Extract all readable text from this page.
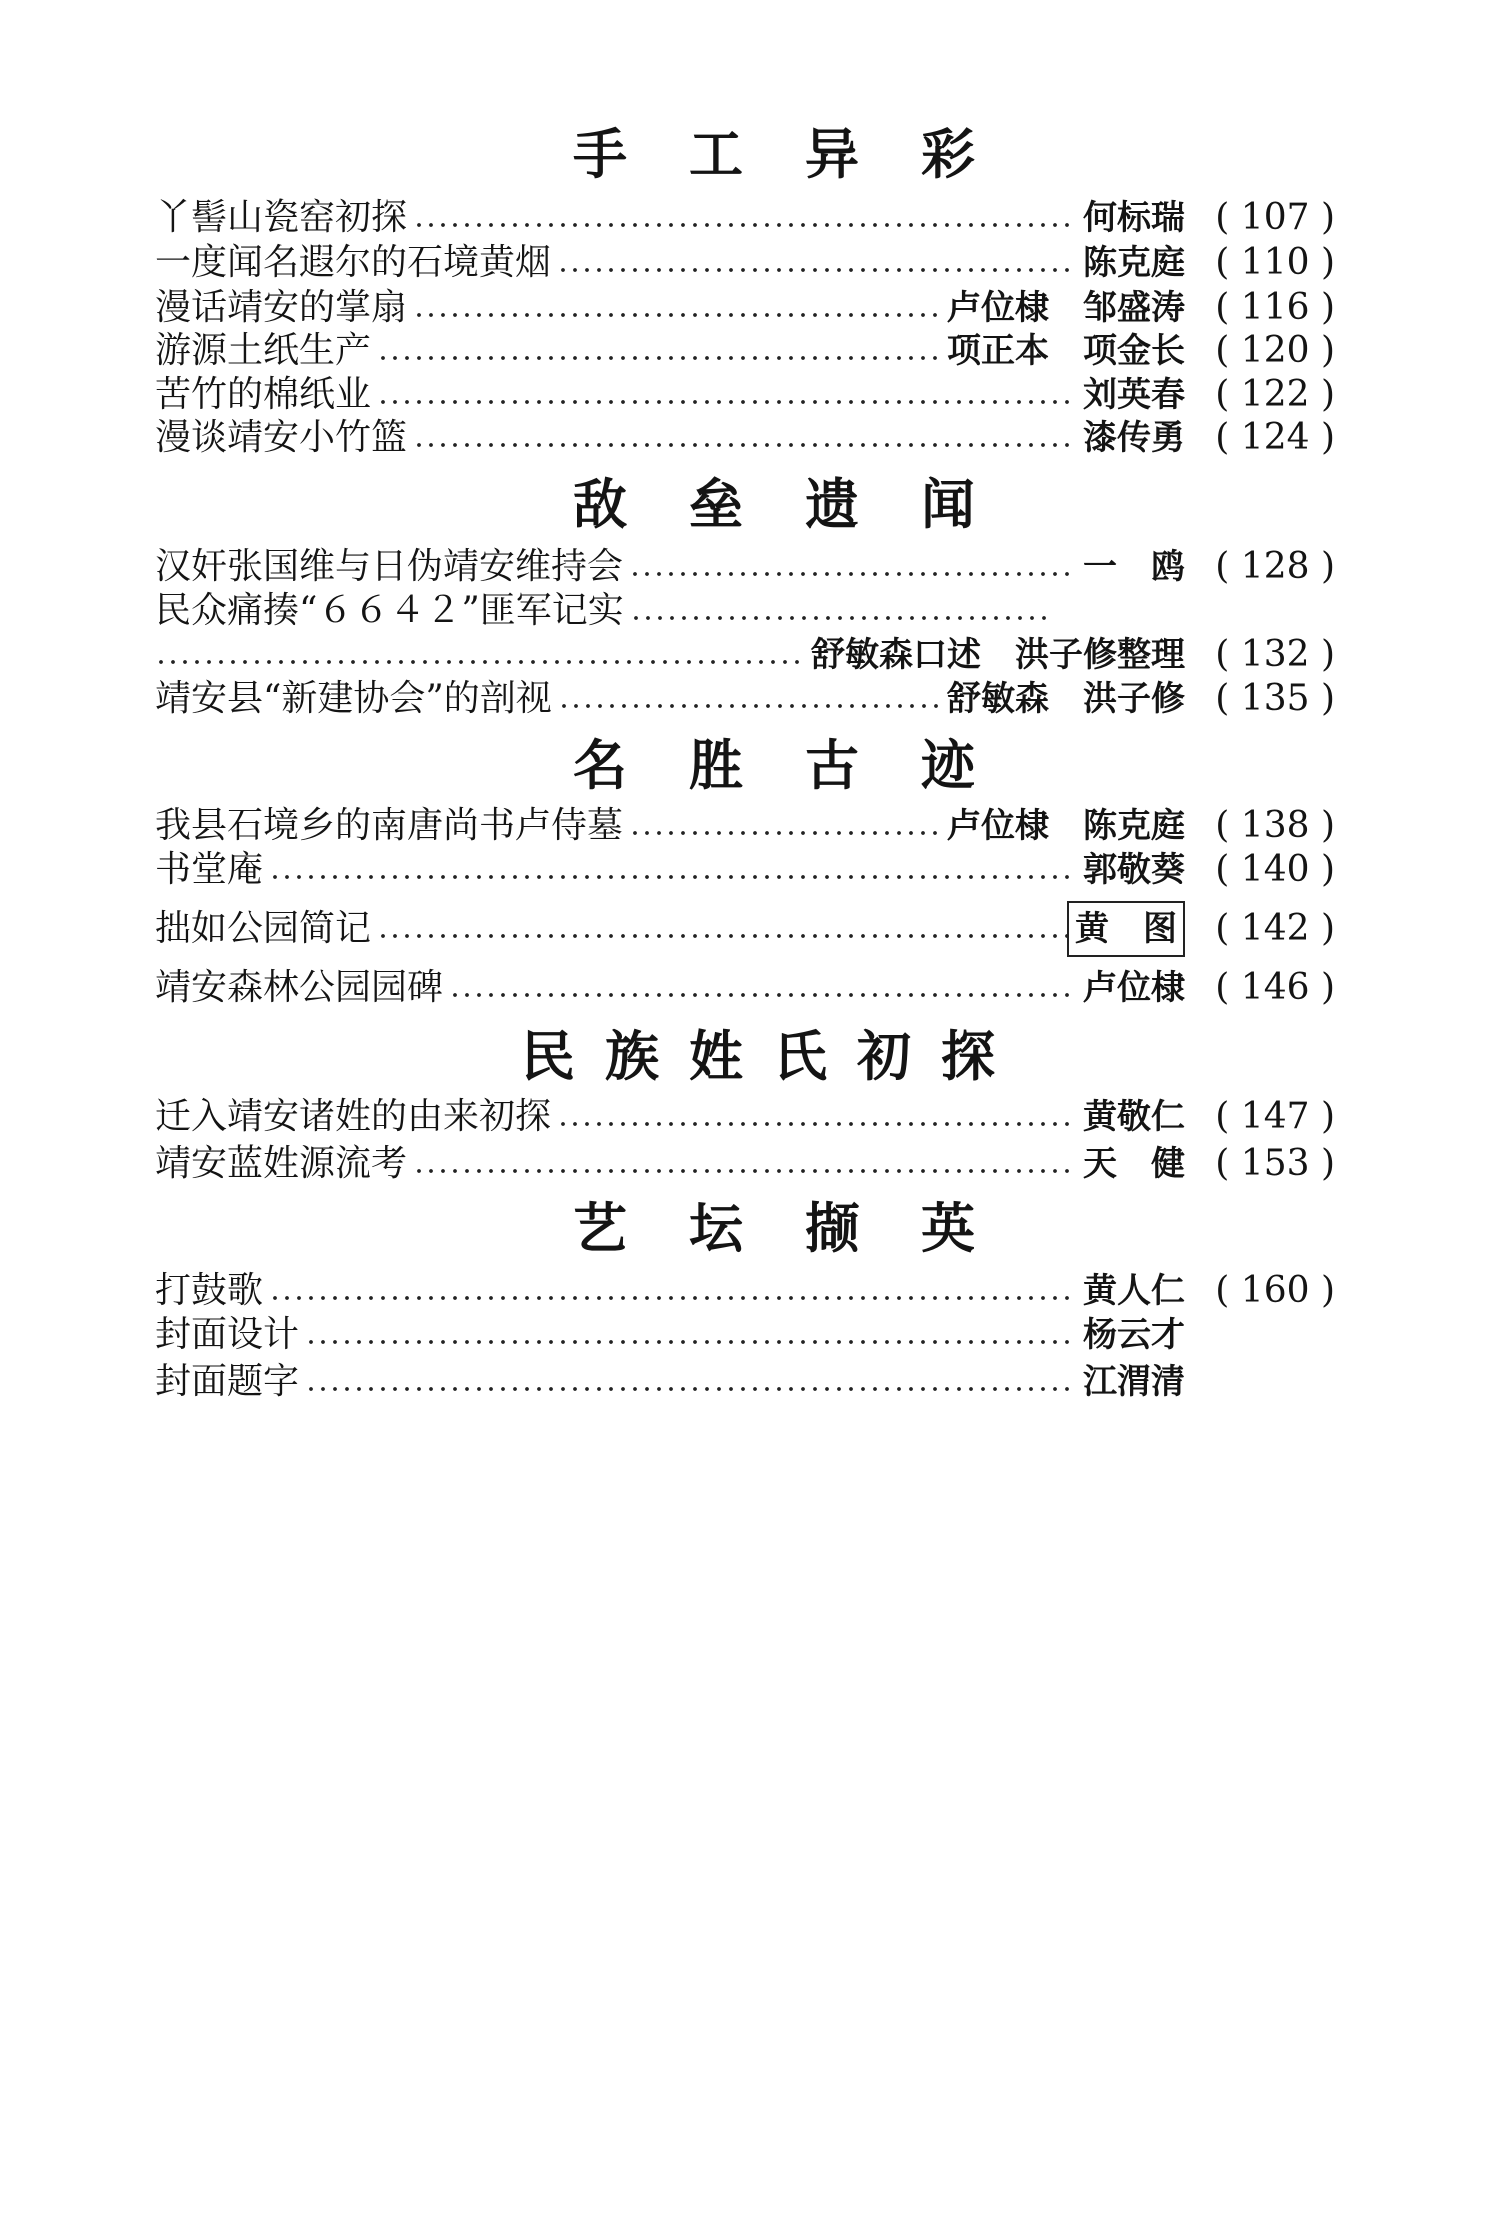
手工异彩
丫髻山瓷窑初探	何标瑞 ( 107 )
一度闻名遐尔的石境黄烟	陈克庭 ( 110 )
漫话靖安的掌扇	卢位棣　邹盛涛 ( 116 )
游源土纸生产	项正本　项金长 ( 120 )
苦竹的棉纸业	刘英春 ( 122 )
漫谈靖安小竹篮	漆传勇 ( 124 )
敌垒遗闻
汉奸张国维与日伪靖安维持会	一　鸥 ( 128 )
民众痛揍“６６４２”匪军记实
舒敏森口述　洪子修整理 ( 132 )
靖安县“新建协会”的剖视	舒敏森　洪子修 ( 135 )
名胜古迹
我县石境乡的南唐尚书卢侍墓	卢位棣　陈克庭 ( 138 )
书堂庵	郭敬葵 ( 140 )
拙如公园简记	黄　图	( 142 )
靖安森林公园园碑	卢位棣 ( 146 )
民族姓氏初探
迁入靖安诸姓的由来初探	黄敬仁 ( 147 )
靖安蓝姓源流考	天　健 ( 153 )
艺坛撷英
打鼓歌	黄人仁 ( 160 )
封面设计	杨云才
封面题字	江渭清
